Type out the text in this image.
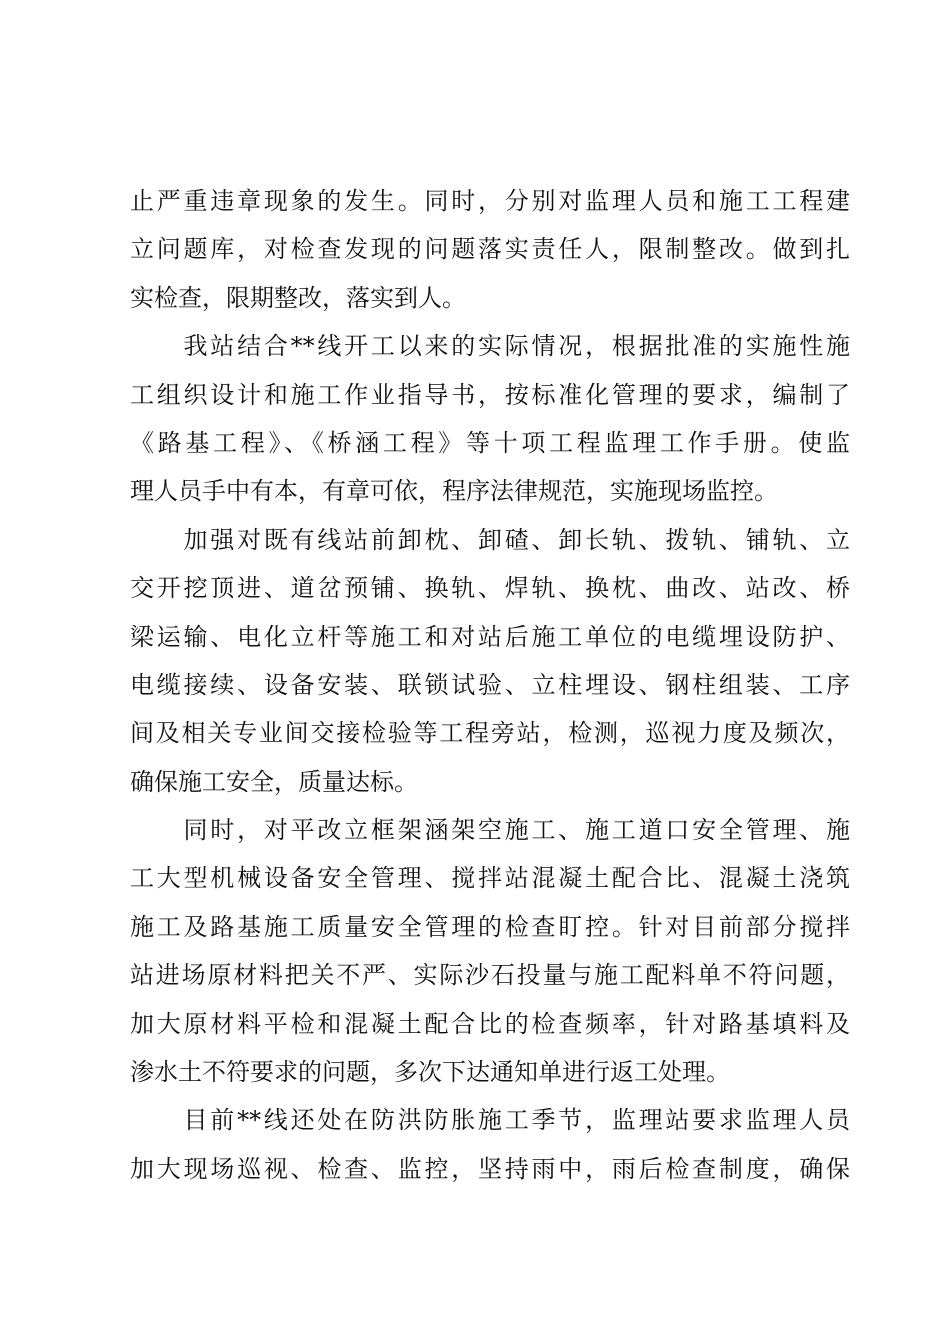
止严重违章现象的发生。同时，分别对监理人员和施工工程建
立问题库，对检查发现的问题落实责任人，限制整改。做到扎
实检查，限期整改，落实到人。
　　我站结合**线开工以来的实际情况，根据批准的实施性施
工组织设计和施工作业指导书，按标准化管理的要求，编制了
《路基工程》、《桥涵工程》等十项工程监理工作手册。使监
理人员手中有本，有章可依，程序法律规范，实施现场监控。
　　加强对既有线站前卸枕、卸碴、卸长轨、拨轨、铺轨、立
交开挖顶进、道岔预铺、换轨、焊轨、换枕、曲改、站改、桥
梁运输、电化立杆等施工和对站后施工单位的电缆埋设防护、
电缆接续、设备安装、联锁试验、立柱埋设、钢柱组装、工序
间及相关专业间交接检验等工程旁站，检测，巡视力度及频次，
确保施工安全，质量达标。
　　同时，对平改立框架涵架空施工、施工道口安全管理、施
工大型机械设备安全管理、搅拌站混凝土配合比、混凝土浇筑
施工及路基施工质量安全管理的检查盯控。针对目前部分搅拌
站进场原材料把关不严、实际沙石投量与施工配料单不符问题，
加大原材料平检和混凝土配合比的检查频率，针对路基填料及
渗水土不符要求的问题，多次下达通知单进行返工处理。
　　目前**线还处在防洪防胀施工季节，监理站要求监理人员
加大现场巡视、检查、监控，坚持雨中，雨后检查制度，确保
